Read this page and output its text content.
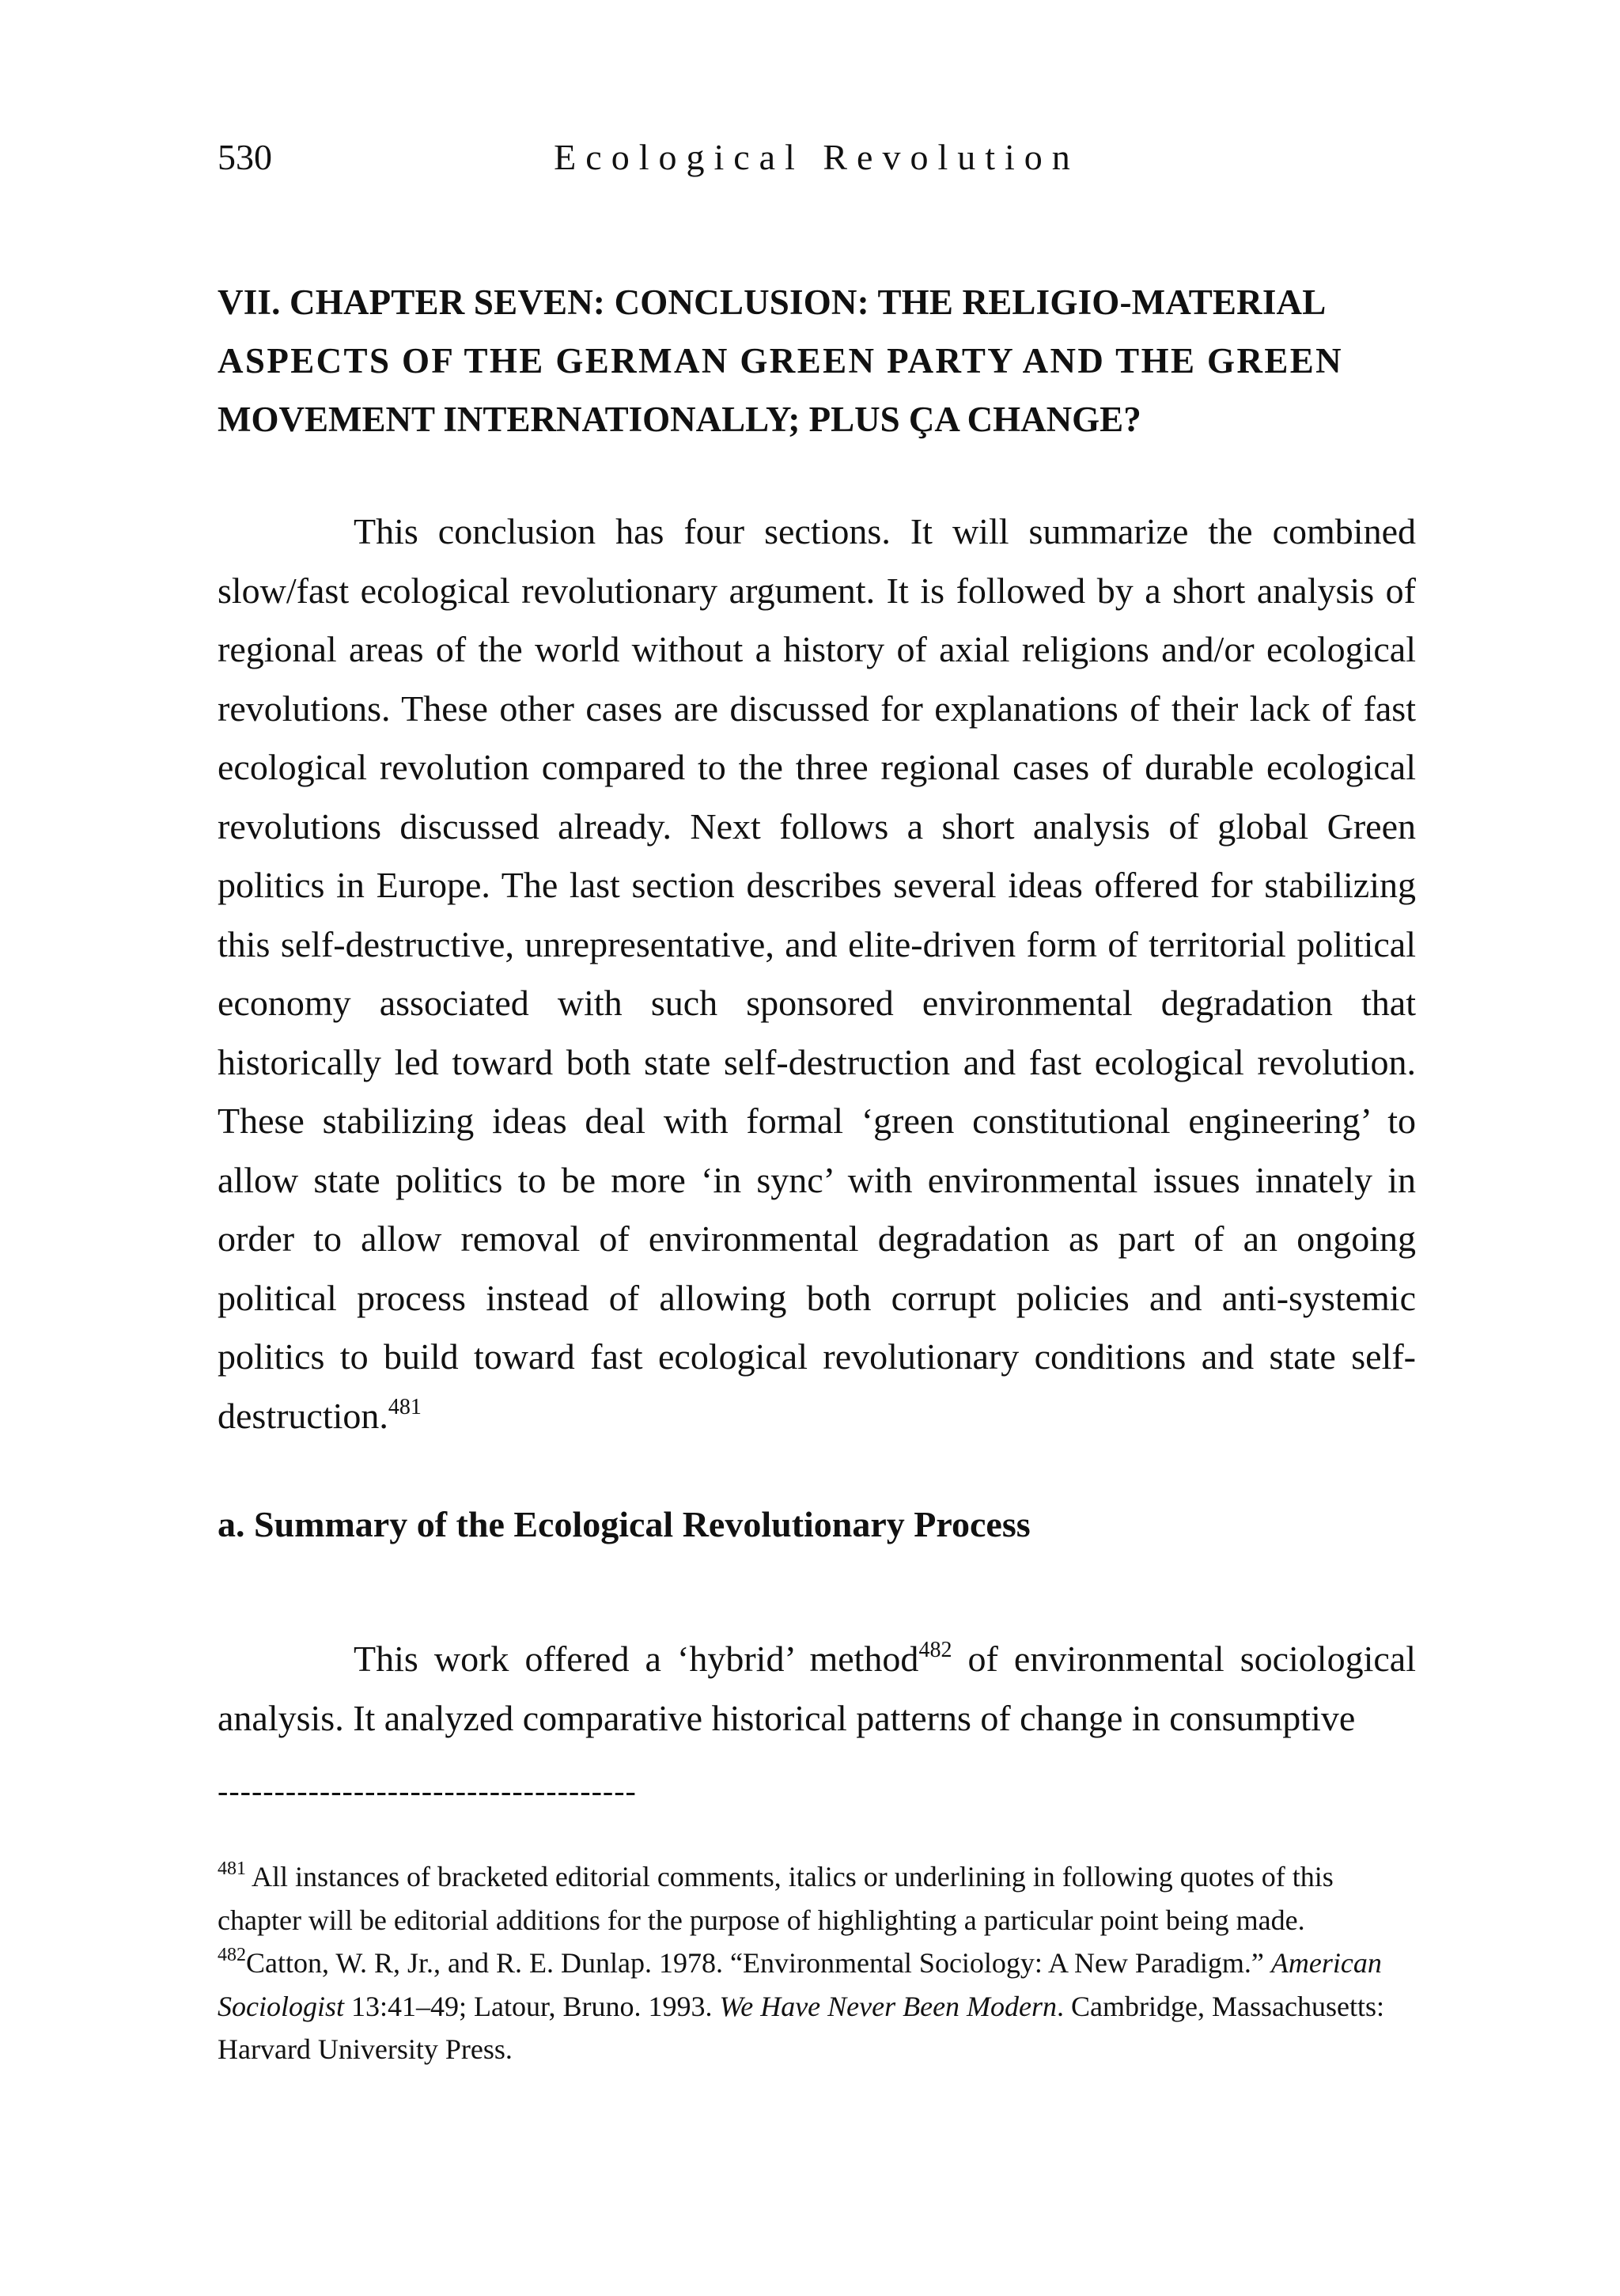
530	Ecological Revolution
VII. CHAPTER SEVEN: CONCLUSION: THE RELIGIO-MATERIAL
ASPECTS OF THE GERMAN GREEN PARTY AND THE GREEN
MOVEMENT INTERNATIONALLY; PLUS ÇA CHANGE?

This conclusion has four sections. It will summarize the combined slow/fast ecological revolutionary argument. It is followed by a short analysis of regional areas of the world without a history of axial religions and/or ecological revolutions. These other cases are discussed for explanations of their lack of fast ecological revolution compared to the three regional cases of durable ecological revolutions discussed already. Next follows a short analysis of global Green politics in Europe. The last section describes several ideas offered for stabilizing this self-destructive, unrepresentative, and elite-driven form of territorial political economy associated with such sponsored environmental degradation that historically led toward both state self-destruction and fast ecological revolution. These stabilizing ideas deal with formal ‘green constitutional engineering’ to allow state politics to be more ‘in sync’ with environmental issues innately in order to allow removal of environmental degradation as part of an ongoing political process instead of allowing both corrupt policies and anti-systemic politics to build toward fast ecological revolutionary conditions and state self-destruction.$^{481}$

a. Summary of the Ecological Revolutionary Process

This work offered a ‘hybrid’ method$^{482}$ of environmental sociological analysis. It analyzed comparative historical patterns of change in consumptive

-------------------------------------

$^{481}$ All instances of bracketed editorial comments, italics or underlining in following quotes of this chapter will be editorial additions for the purpose of highlighting a particular point being made.

$^{482}$Catton, W. R, Jr., and R. E. Dunlap. 1978. “Environmental Sociology: A New Paradigm.” American Sociologist 13:41–49; Latour, Bruno. 1993. We Have Never Been Modern. Cambridge, Massachusetts: Harvard University Press.
